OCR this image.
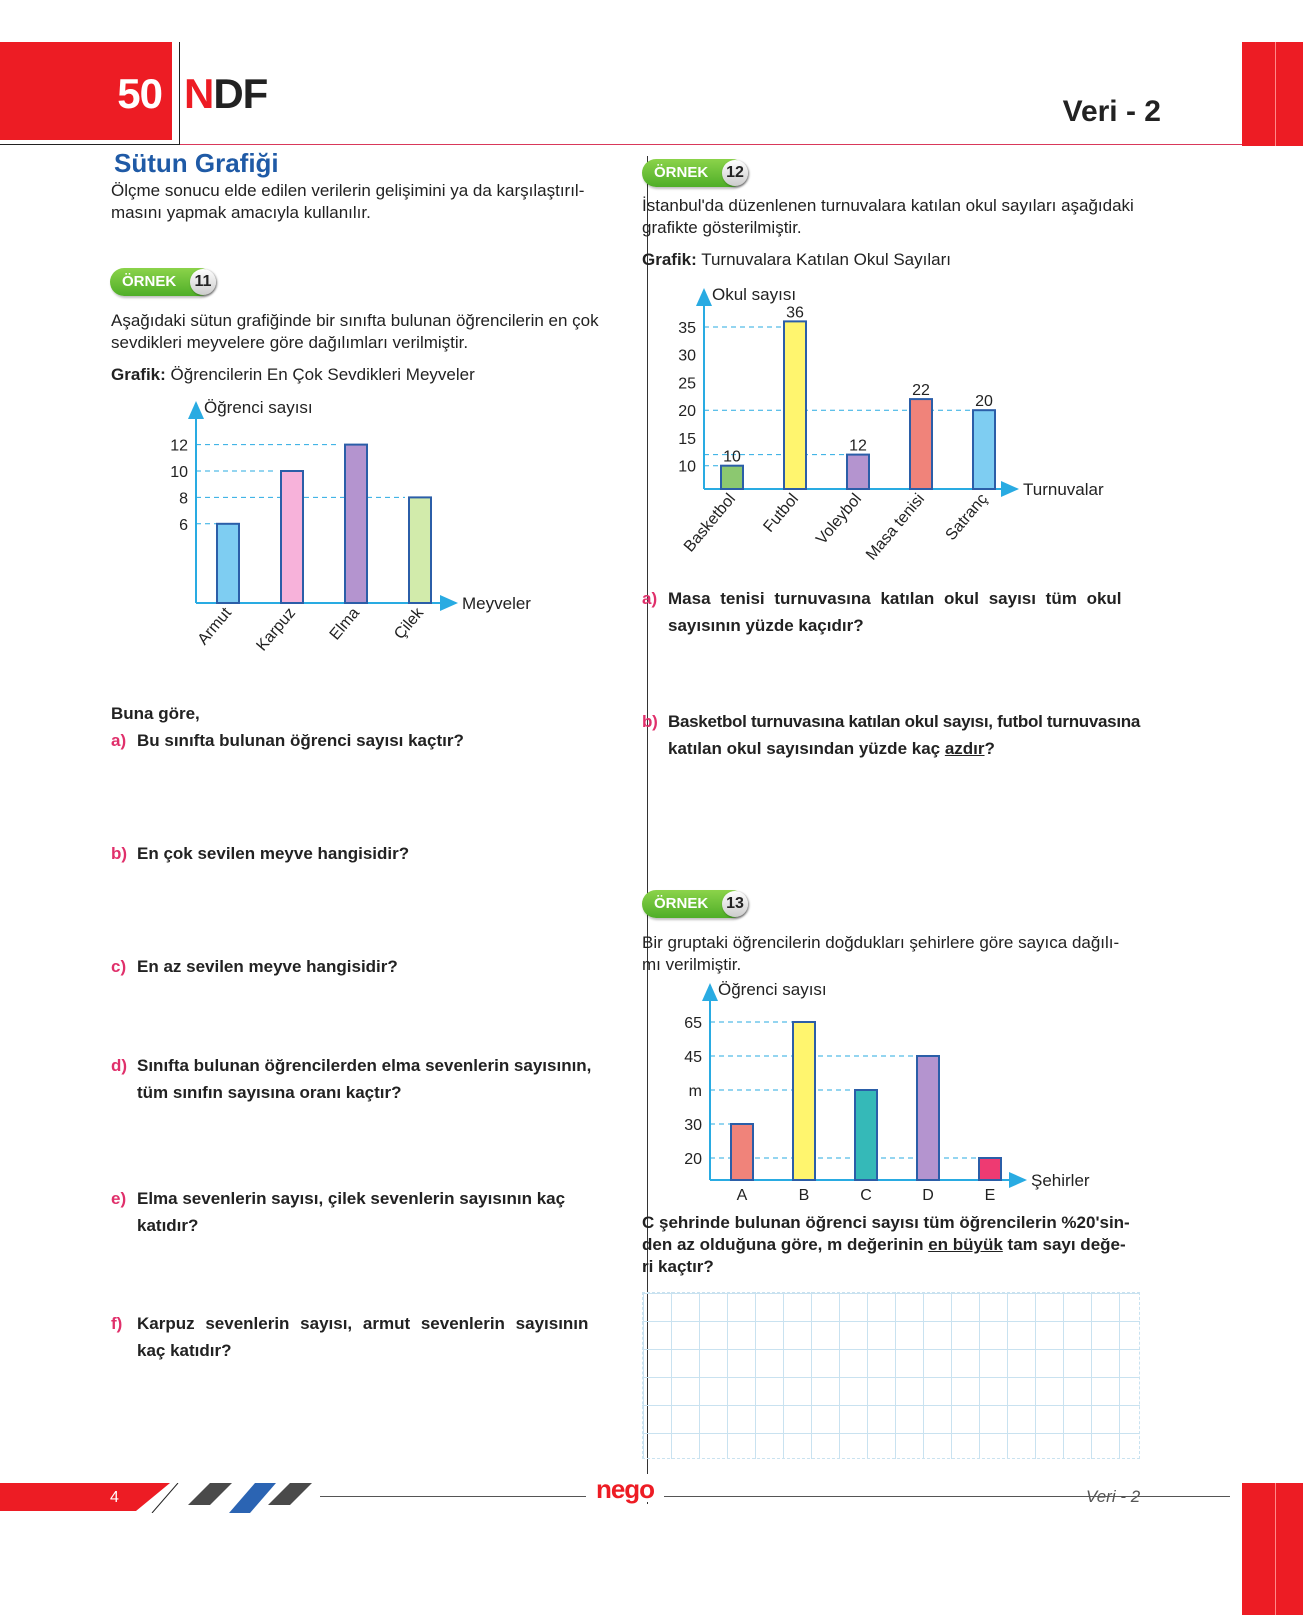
50 NDF	Veri - 2
Sütun Grafiği

Ölçme sonucu elde edilen verilerin gelişimini ya da karşılaştırıl-

masını yapmak amacıyla kullanılır.

ÖRNEK 11

Aşağıdaki sütun grafiğinde bir sınıfta bulunan öğrencilerin en çok

sevdikleri meyvelere göre dağılımları verilmiştir.

Grafik: Öğrencilerin En Çok Sevdikleri Meyveler

Öğrenci sayısı
Meyveler
6
8
10
12
Armut Karpuz Elma Çilek
Buna göre,
a) Bu sınıfta bulunan öğrenci sayısı kaçtır?
b) En çok sevilen meyve hangisidir?
c) En az sevilen meyve hangisidir?
d) Sınıfta bulunan öğrencilerden elma sevenlerin sayısının,
tüm sınıfın sayısına oranı kaçtır?
e) Elma sevenlerin sayısı, çilek sevenlerin sayısının kaç
katıdır?
f) Karpuz sevenlerin sayısı, armut sevenlerin sayısının
kaç katıdır?
ÖRNEK 12

İstanbul'da düzenlenen turnuvalara katılan okul sayıları aşağıdaki

grafikte gösterilmiştir.

Grafik: Turnuvalara Katılan Okul Sayıları

Okul sayısı
Turnuvalar
10
15
20
25
30
35
10
Basketbol
36
Futbol
12
Voleybol
22
Masa tenisi
20
Satranç
a) Masa tenisi turnuvasına katılan okul sayısı tüm okul
sayısının yüzde kaçıdır?
b) Basketbol turnuvasına katılan okul sayısı, futbol turnuvasına
katılan okul sayısından yüzde kaç azdır?
ÖRNEK 13

Bir gruptaki öğrencilerin doğdukları şehirlere göre sayıca dağılı-

mı verilmiştir.

Öğrenci sayısı
Şehirler
20
30
m
45
65
A	B	C	D	E
C şehrinde bulunan öğrenci sayısı tüm öğrencilerin %20'sin-
den az olduğuna göre, m değerinin en büyük tam sayı değe-
ri kaçtır?
4	nego	Veri - 2
